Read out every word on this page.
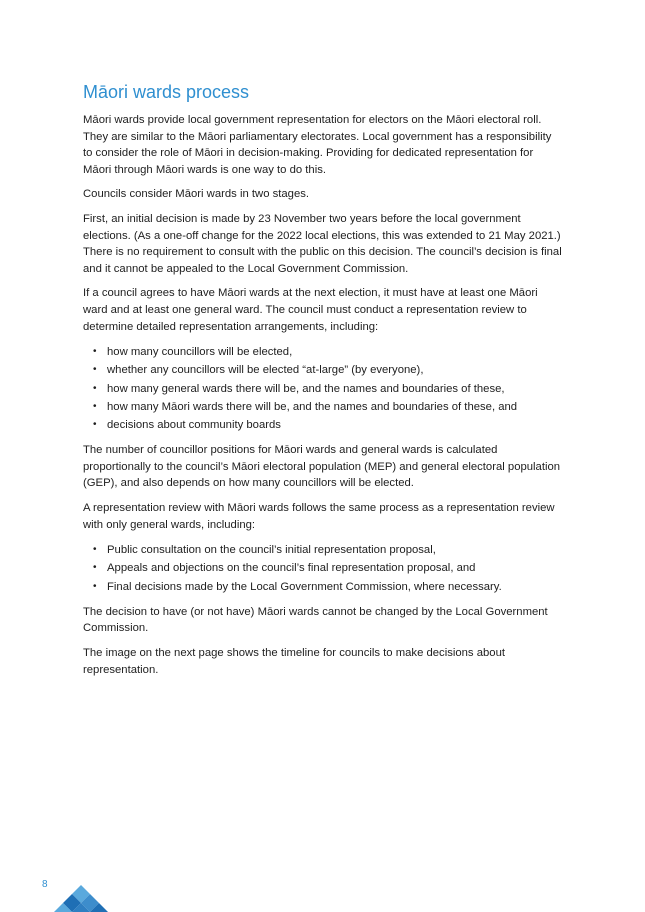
Māori wards process

Māori wards provide local government representation for electors on the Māori electoral roll. They are similar to the Māori parliamentary electorates. Local government has a responsibility to consider the role of Māori in decision-making. Providing for dedicated representation for Māori through Māori wards is one way to do this.

Councils consider Māori wards in two stages.

First, an initial decision is made by 23 November two years before the local government elections. (As a one-off change for the 2022 local elections, this was extended to 21 May 2021.) There is no requirement to consult with the public on this decision. The council’s decision is final and it cannot be appealed to the Local Government Commission.

If a council agrees to have Māori wards at the next election, it must have at least one Māori ward and at least one general ward. The council must conduct a representation review to determine detailed representation arrangements, including:

• how many councillors will be elected,
• whether any councillors will be elected “at-large” (by everyone),
• how many general wards there will be, and the names and boundaries of these,
• how many Māori wards there will be, and the names and boundaries of these, and
• decisions about community boards

The number of councillor positions for Māori wards and general wards is calculated proportionally to the council’s Māori electoral population (MEP) and general electoral population (GEP), and also depends on how many councillors will be elected.

A representation review with Māori wards follows the same process as a representation review with only general wards, including:

• Public consultation on the council’s initial representation proposal,
• Appeals and objections on the council’s final representation proposal, and
• Final decisions made by the Local Government Commission, where necessary.

The decision to have (or not have) Māori wards cannot be changed by the Local Government Commission.

The image on the next page shows the timeline for councils to make decisions about representation.

8
